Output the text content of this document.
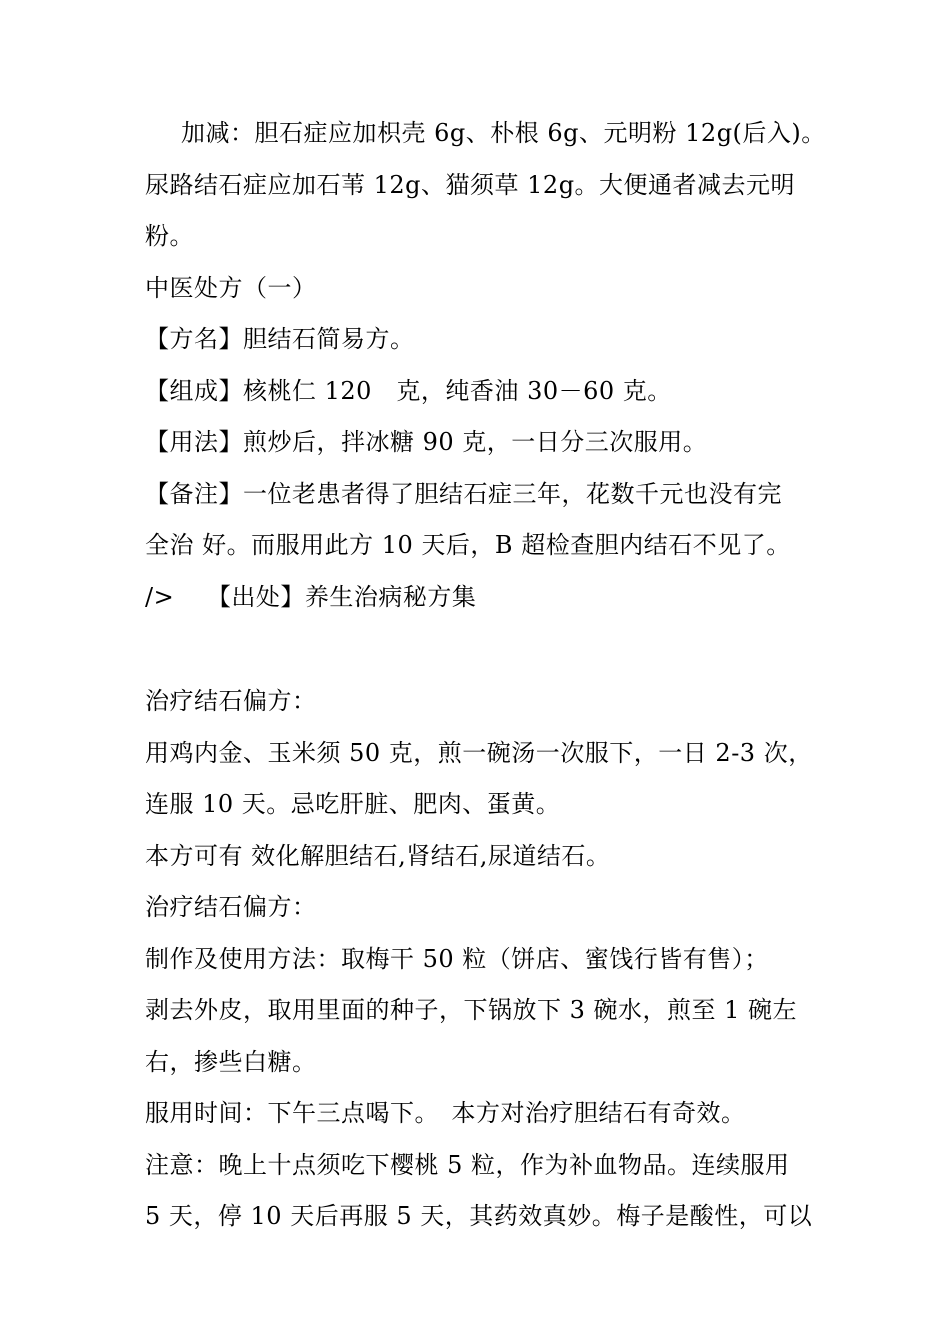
加减：胆石症应加枳壳 6g、朴根 6g、元明粉 12g(后入)。
尿路结石症应加石苇 12g、猫须草 12g。大便通者减去元明
粉。
中医处方（一）
【方名】胆结石简易方。
【组成】核桃仁 120　克，纯香油 30－60 克。
【用法】煎炒后，拌冰糖 90 克，一日分三次服用。
【备注】一位老患者得了胆结石症三年，花数千元也没有完
全治 好。而服用此方 10 天后，B 超检查胆内结石不见了。
/>　 【出处】养生治病秘方集
治疗结石偏方：
用鸡内金、玉米须 50 克，煎一碗汤一次服下，一日 2-3 次，
连服 10 天。忌吃肝脏、肥肉、蛋黄。
本方可有 效化解胆结石,肾结石,尿道结石。
治疗结石偏方：
制作及使用方法：取梅干 50 粒（饼店、蜜饯行皆有售）；
剥去外皮，取用里面的种子，下锅放下 3 碗水，煎至 1 碗左
右，掺些白糖。
服用时间：下午三点喝下。　本方对治疗胆结石有奇效。
注意：晚上十点须吃下樱桃 5 粒，作为补血物品。连续服用
5 天，停 10 天后再服 5 天，其药效真妙。梅子是酸性，可以
